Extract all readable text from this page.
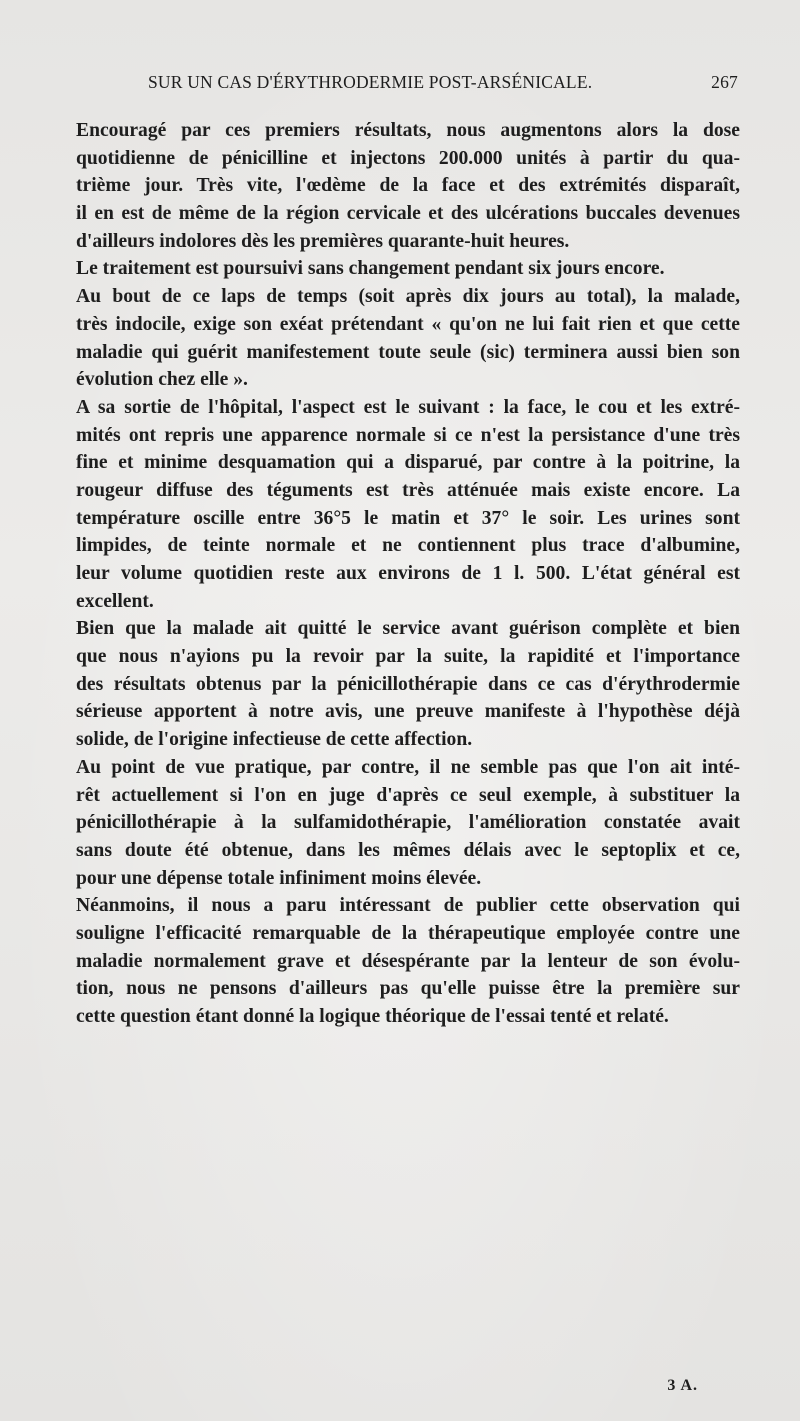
SUR UN CAS D'ÉRYTHRODERMIE POST-ARSÉNICALE.	267
Encouragé par ces premiers résultats, nous augmentons alors la dose
quotidienne de pénicilline et injectons 200.000 unités à partir du qua-
trième jour. Très vite, l'œdème de la face et des extrémités disparaît,
il en est de même de la région cervicale et des ulcérations buccales devenues
d'ailleurs indolores dès les premières quarante-huit heures.
Le traitement est poursuivi sans changement pendant six jours encore.
Au bout de ce laps de temps (soit après dix jours au total), la malade,
très indocile, exige son exéat prétendant « qu'on ne lui fait rien et que cette
maladie qui guérit manifestement toute seule (sic) terminera aussi bien son
évolution chez elle ».
A sa sortie de l'hôpital, l'aspect est le suivant : la face, le cou et les extré-
mités ont repris une apparence normale si ce n'est la persistance d'une très
fine et minime desquamation qui a disparué, par contre à la poitrine, la
rougeur diffuse des téguments est très atténuée mais existe encore. La
température oscille entre 36°5 le matin et 37° le soir. Les urines sont
limpides, de teinte normale et ne contiennent plus trace d'albumine,
leur volume quotidien reste aux environs de 1 l. 500. L'état général est
excellent.
Bien que la malade ait quitté le service avant guérison complète et bien
que nous n'ayions pu la revoir par la suite, la rapidité et l'importance
des résultats obtenus par la pénicillothérapie dans ce cas d'érythrodermie
sérieuse apportent à notre avis, une preuve manifeste à l'hypothèse déjà
solide, de l'origine infectieuse de cette affection.
Au point de vue pratique, par contre, il ne semble pas que l'on ait inté-
rêt actuellement si l'on en juge d'après ce seul exemple, à substituer la
pénicillothérapie à la sulfamidothérapie, l'amélioration constatée avait
sans doute été obtenue, dans les mêmes délais avec le septoplix et ce,
pour une dépense totale infiniment moins élevée.
Néanmoins, il nous a paru intéressant de publier cette observation qui
souligne l'efficacité remarquable de la thérapeutique employée contre une
maladie normalement grave et désespérante par la lenteur de son évolu-
tion, nous ne pensons d'ailleurs pas qu'elle puisse être la première sur
cette question étant donné la logique théorique de l'essai tenté et relaté.
3 A.
